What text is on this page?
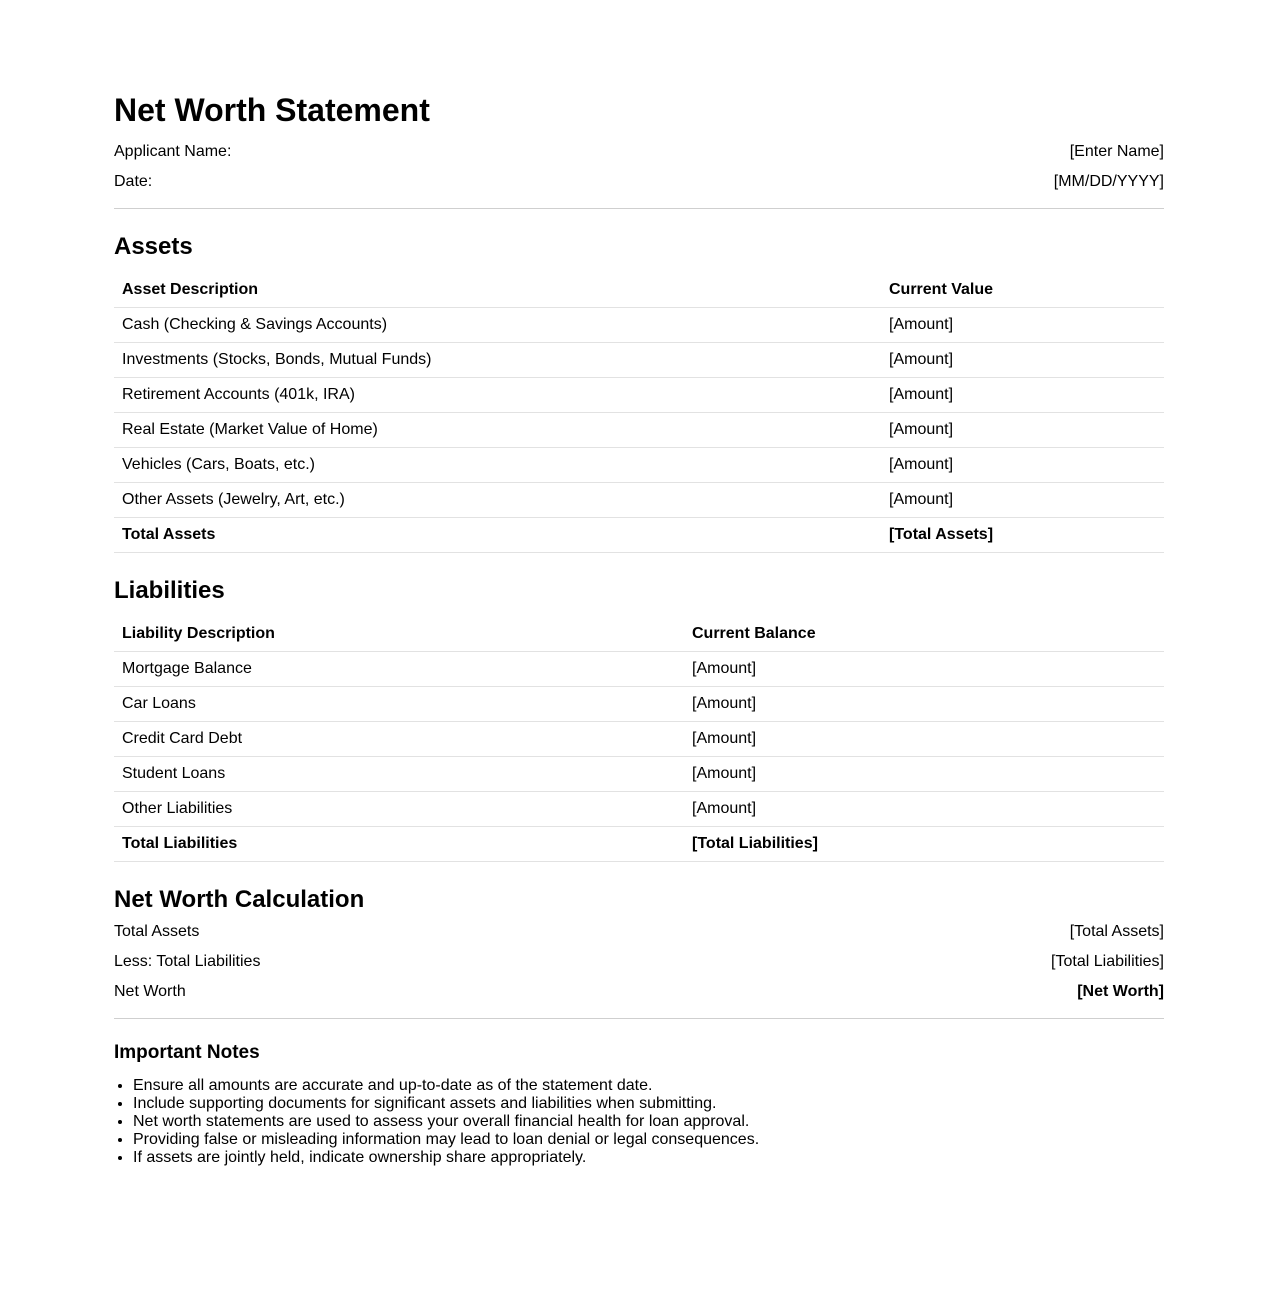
Net Worth Statement
Applicant Name:	[Enter Name]
Date:	[MM/DD/YYYY]
Assets
Asset Description	Current Value
Cash (Checking & Savings Accounts)	[Amount]
Investments (Stocks, Bonds, Mutual Funds)	[Amount]
Retirement Accounts (401k, IRA)	[Amount]
Real Estate (Market Value of Home)	[Amount]
Vehicles (Cars, Boats, etc.)	[Amount]
Other Assets (Jewelry, Art, etc.)	[Amount]
Total Assets	[Total Assets]
Liabilities
Liability Description	Current Balance
Mortgage Balance	[Amount]
Car Loans	[Amount]
Credit Card Debt	[Amount]
Student Loans	[Amount]
Other Liabilities	[Amount]
Total Liabilities	[Total Liabilities]
Net Worth Calculation
Total Assets	[Total Assets]
Less: Total Liabilities	[Total Liabilities]
Net Worth	[Net Worth]
Important Notes
• Ensure all amounts are accurate and up-to-date as of the statement date.
• Include supporting documents for significant assets and liabilities when submitting.
• Net worth statements are used to assess your overall financial health for loan approval.
• Providing false or misleading information may lead to loan denial or legal consequences.
• If assets are jointly held, indicate ownership share appropriately.
